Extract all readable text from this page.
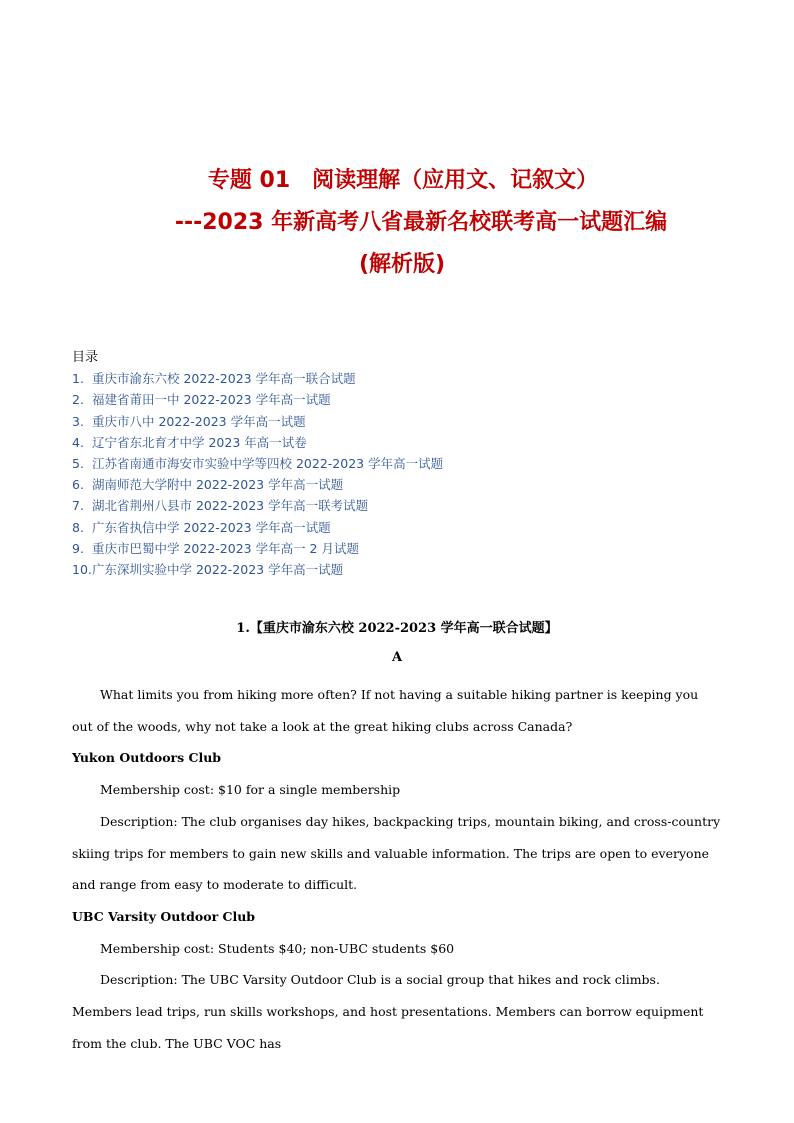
专题 01　阅读理解（应用文、记叙文）
---2023 年新高考八省最新名校联考高一试题汇编
(解析版)
目录
1. 重庆市渝东六校 2022-2023 学年高一联合试题
2. 福建省莆田一中 2022-2023 学年高一试题
3. 重庆市八中 2022-2023 学年高一试题
4. 辽宁省东北育才中学 2023 年高一试卷
5. 江苏省南通市海安市实验中学等四校 2022-2023 学年高一试题
6. 湖南师范大学附中 2022-2023 学年高一试题
7. 湖北省荆州八县市 2022-2023 学年高一联考试题
8. 广东省执信中学 2022-2023 学年高一试题
9. 重庆市巴蜀中学 2022-2023 学年高一 2 月试题
10.广东深圳实验中学 2022-2023 学年高一试题
1.【重庆市渝东六校 2022-2023 学年高一联合试题】
A

What limits you from hiking more often? If not having a suitable hiking partner is keeping you out of the woods, why not take a look at the great hiking clubs across Canada?

Yukon Outdoors Club

Membership cost: $10 for a single membership

Description: The club organises day hikes, backpacking trips, mountain biking, and cross-country skiing trips for members to gain new skills and valuable information. The trips are open to everyone and range from easy to moderate to difficult.

UBC Varsity Outdoor Club

Membership cost: Students $40; non-UBC students $60

Description: The UBC Varsity Outdoor Club is a social group that hikes and rock climbs. Members lead trips, run skills workshops, and host presentations. Members can borrow equipment from the club. The UBC VOC has
